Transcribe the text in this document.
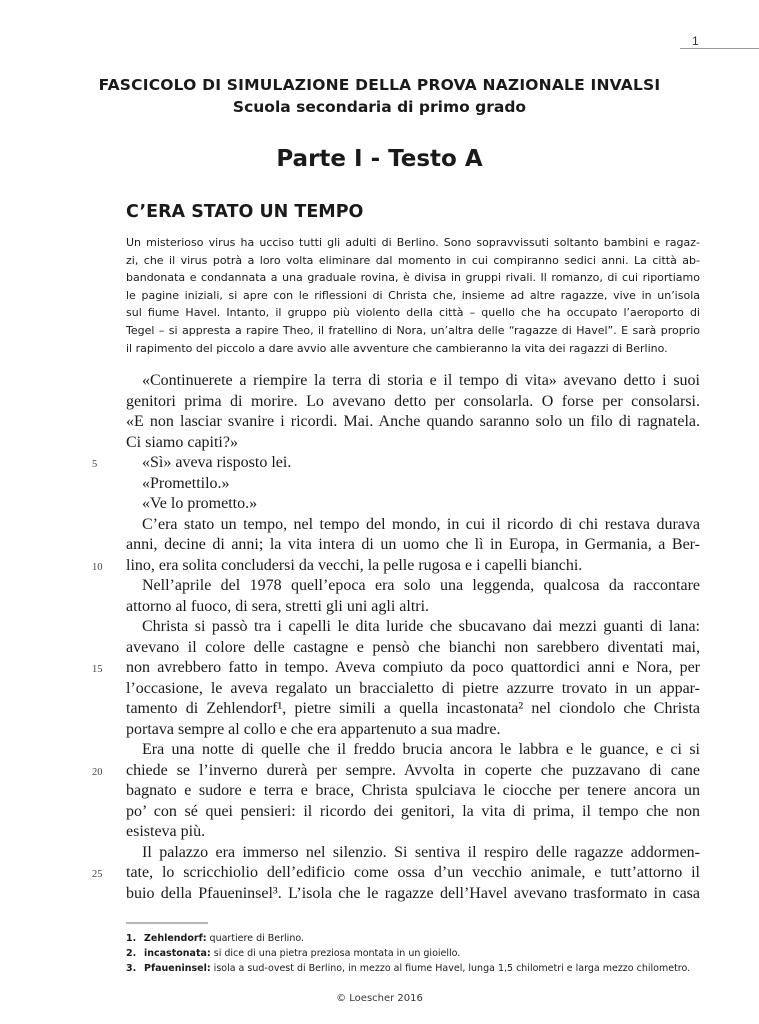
1
FASCICOLO DI SIMULAZIONE DELLA PROVA NAZIONALE INVALSI
Scuola secondaria di primo grado
Parte I - Testo A
C’ERA STATO UN TEMPO
Un misterioso virus ha ucciso tutti gli adulti di Berlino. Sono sopravvissuti soltanto bambini e ragaz-
zi, che il virus potrà a loro volta eliminare dal momento in cui compiranno sedici anni. La città ab-
bandonata e condannata a una graduale rovina, è divisa in gruppi rivali. Il romanzo, di cui riportiamo
le pagine iniziali, si apre con le riflessioni di Christa che, insieme ad altre ragazze, vive in un’isola
sul fiume Havel. Intanto, il gruppo più violento della città – quello che ha occupato l’aeroporto di
Tegel – si appresta a rapire Theo, il fratellino di Nora, un’altra delle “ragazze di Havel”. E sarà proprio
il rapimento del piccolo a dare avvio alle avventure che cambieranno la vita dei ragazzi di Berlino.
«Continuerete a riempire la terra di storia e il tempo di vita» avevano detto i suoi
genitori prima di morire. Lo avevano detto per consolarla. O forse per consolarsi.
«E non lasciar svanire i ricordi. Mai. Anche quando saranno solo un filo di ragnatela.
Ci siamo capiti?»
«Sì» aveva risposto lei.
«Promettilo.»
«Ve lo prometto.»
C’era stato un tempo, nel tempo del mondo, in cui il ricordo di chi restava durava
anni, decine di anni; la vita intera di un uomo che lì in Europa, in Germania, a Ber-
lino, era solita concludersi da vecchi, la pelle rugosa e i capelli bianchi.
Nell’aprile del 1978 quell’epoca era solo una leggenda, qualcosa da raccontare
attorno al fuoco, di sera, stretti gli uni agli altri.
Christa si passò tra i capelli le dita luride che sbucavano dai mezzi guanti di lana:
avevano il colore delle castagne e pensò che bianchi non sarebbero diventati mai,
non avrebbero fatto in tempo. Aveva compiuto da poco quattordici anni e Nora, per
l’occasione, le aveva regalato un braccialetto di pietre azzurre trovato in un appar-
tamento di Zehlendorf¹, pietre simili a quella incastonata² nel ciondolo che Christa
portava sempre al collo e che era appartenuto a sua madre.
Era una notte di quelle che il freddo brucia ancora le labbra e le guance, e ci si
chiede se l’inverno durerà per sempre. Avvolta in coperte che puzzavano di cane
bagnato e sudore e terra e brace, Christa spulciava le ciocche per tenere ancora un
po’ con sé quei pensieri: il ricordo dei genitori, la vita di prima, il tempo che non
esisteva più.
Il palazzo era immerso nel silenzio. Si sentiva il respiro delle ragazze addormen-
tate, lo scricchiolio dell’edificio come ossa d’un vecchio animale, e tutt’attorno il
buio della Pfaueninsel³. L’isola che le ragazze dell’Havel avevano trasformato in casa
5
10
15
20
25
1. Zehlendorf: quartiere di Berlino.
2. incastonata: si dice di una pietra preziosa montata in un gioiello.
3. Pfaueninsel: isola a sud-ovest di Berlino, in mezzo al fiume Havel, lunga 1,5 chilometri e larga mezzo chilometro.
© Loescher 2016
